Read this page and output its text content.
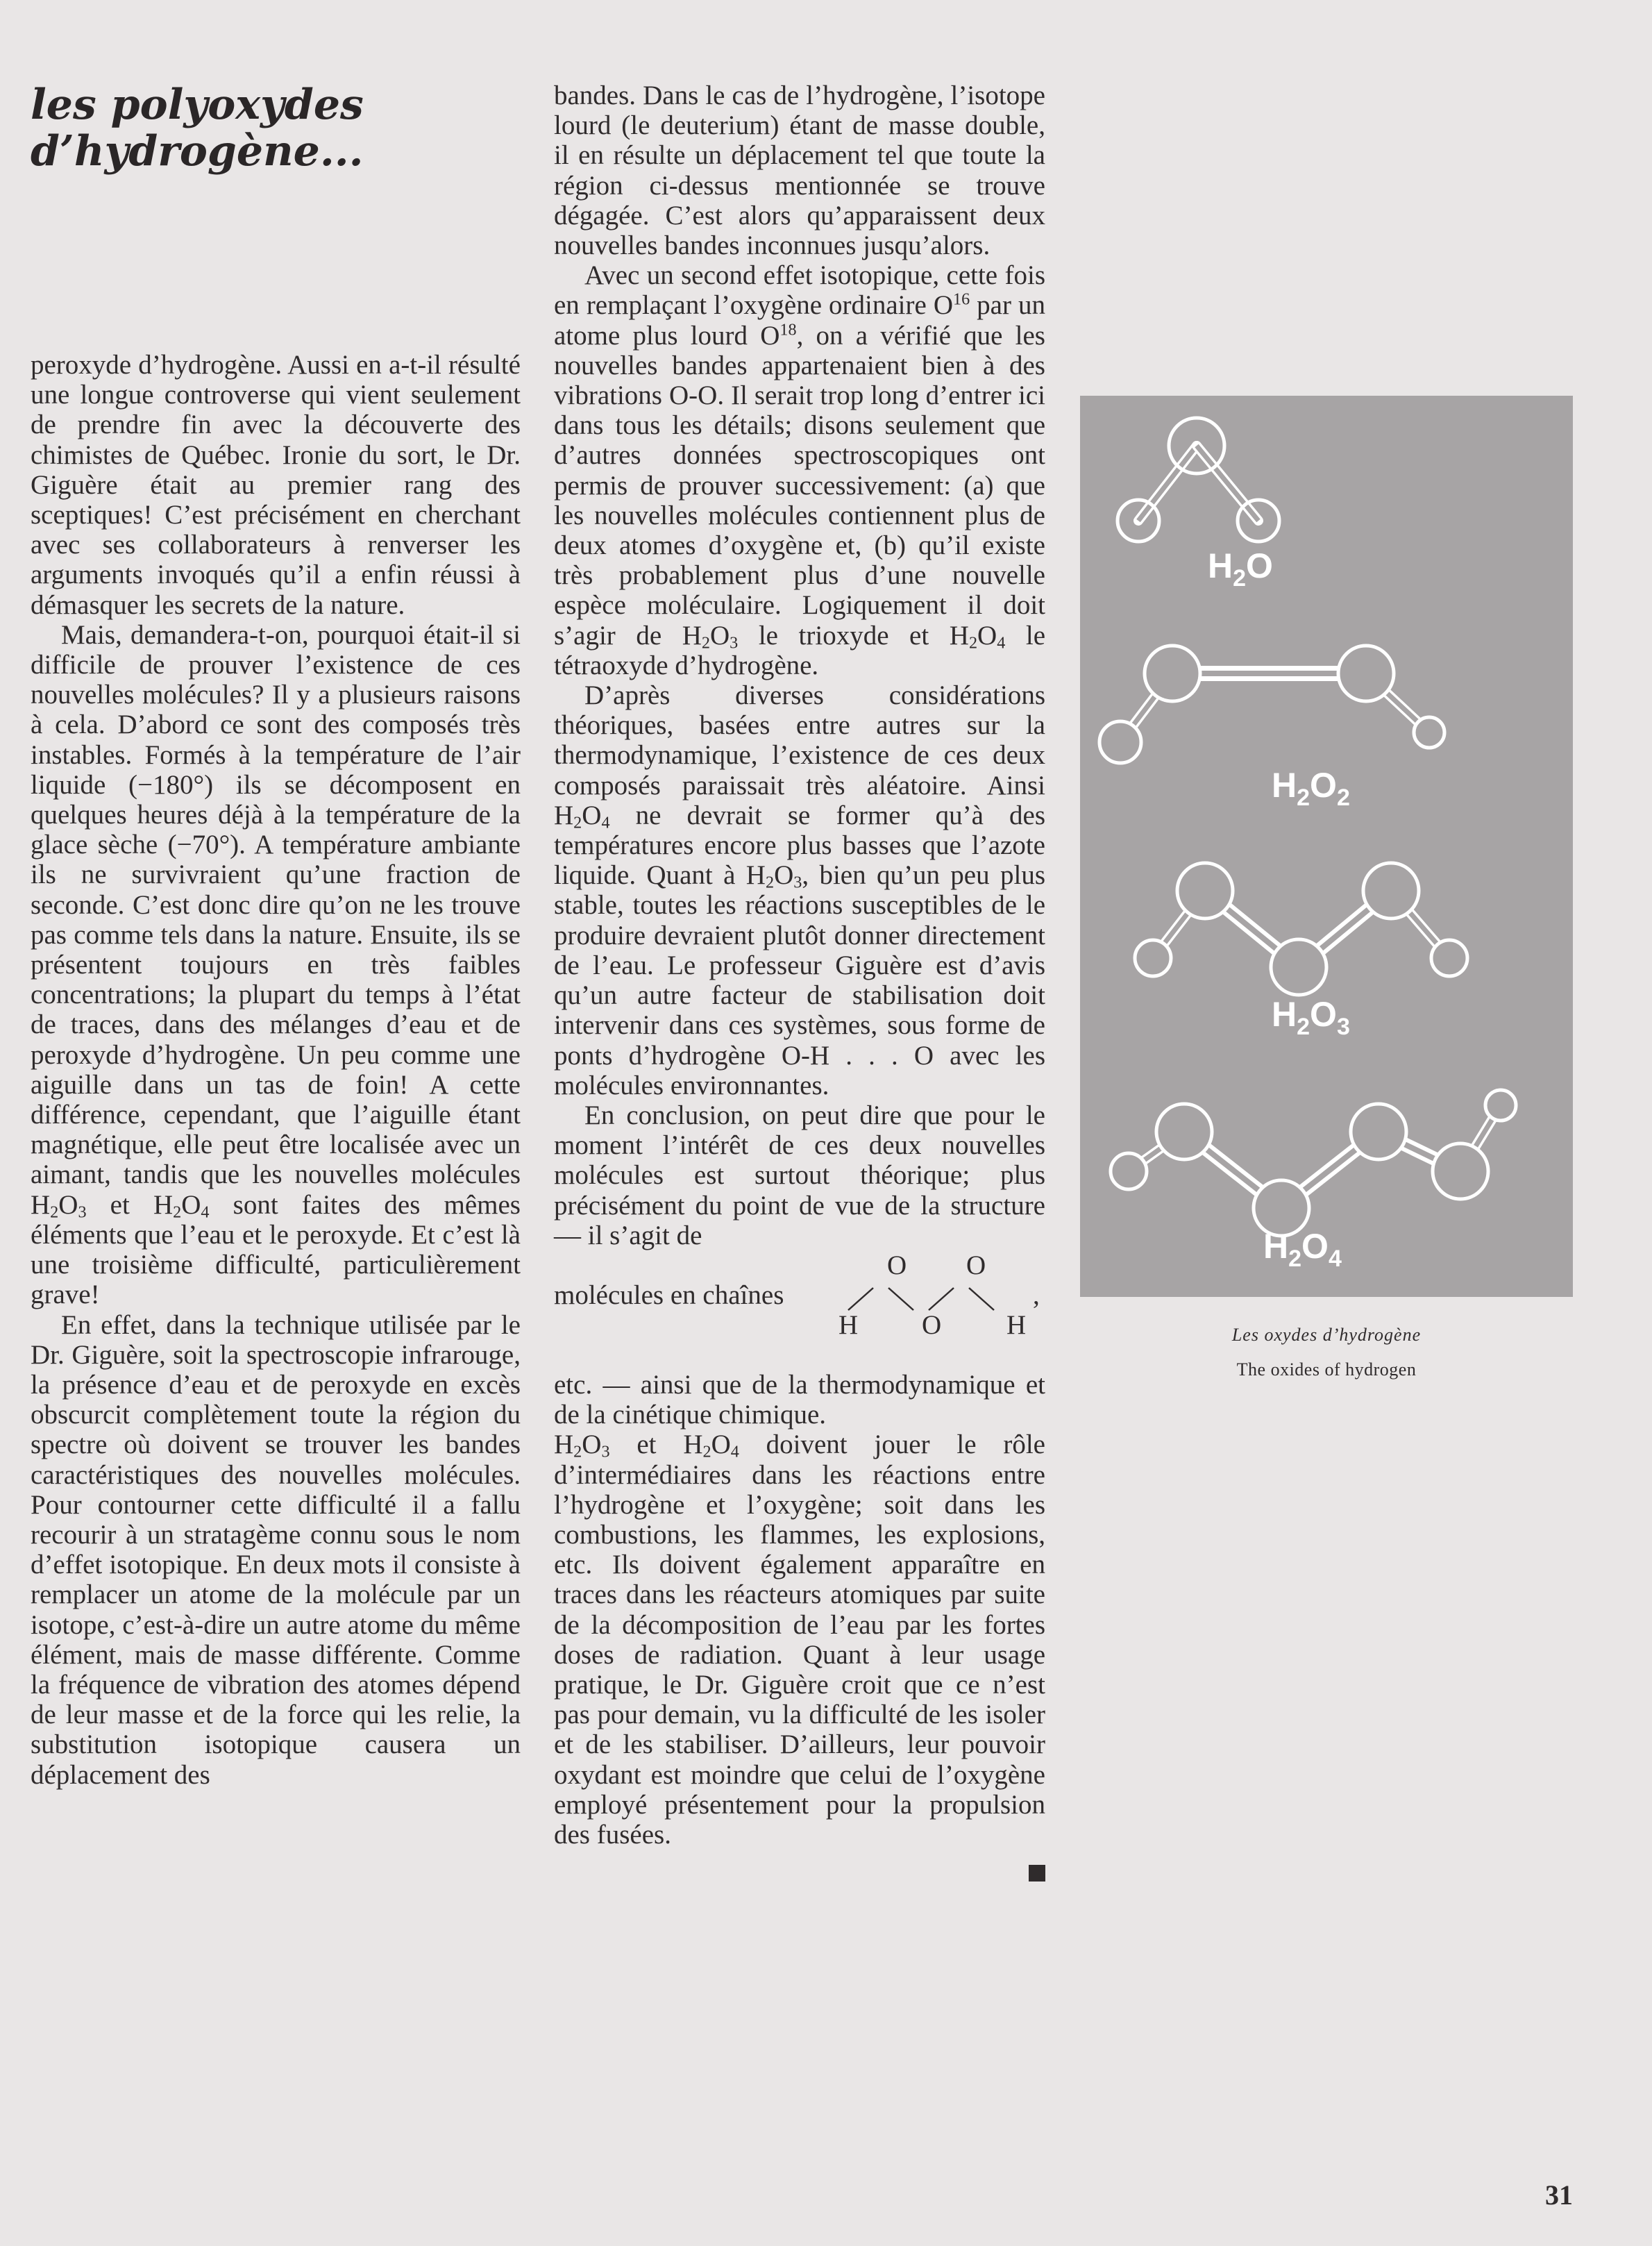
les polyoxydes d’hydrogène...

peroxyde d’hydrogène. Aussi en a-t-il résulté une longue controverse qui vient seulement de prendre fin avec la découverte des chimistes de Québec. Ironie du sort, le Dr. Giguère était au premier rang des sceptiques! C’est précisément en cherchant avec ses collaborateurs à renverser les arguments invoqués qu’il a enfin réussi à démasquer les secrets de la nature.

Mais, demandera-t-on, pourquoi était-il si difficile de prouver l’existence de ces nouvelles molécules? Il y a plusieurs raisons à cela. D’abord ce sont des composés très instables. Formés à la température de l’air liquide (−180°) ils se décomposent en quelques heures déjà à la température de la glace sèche (−70°). A température ambiante ils ne survivraient qu’une fraction de seconde. C’est donc dire qu’on ne les trouve pas comme tels dans la nature. Ensuite, ils se présentent toujours en très faibles concentrations; la plupart du temps à l’état de traces, dans des mélanges d’eau et de peroxyde d’hydrogène. Un peu comme une aiguille dans un tas de foin! A cette différence, cependant, que l’aiguille étant magnétique, elle peut être localisée avec un aimant, tandis que les nouvelles molécules $H_2O_3$ et $H_2O_4$ sont faites des mêmes éléments que l’eau et le peroxyde. Et c’est là une troisième difficulté, particulièrement grave!

En effet, dans la technique utilisée par le Dr. Giguère, soit la spectroscopie infrarouge, la présence d’eau et de peroxyde en excès obscurcit complètement toute la région du spectre où doivent se trouver les bandes caractéristiques des nouvelles molécules. Pour contourner cette difficulté il a fallu recourir à un stratagème connu sous le nom d’effet isotopique. En deux mots il consiste à remplacer un atome de la molécule par un isotope, c’est-à-dire un autre atome du même élément, mais de masse différente. Comme la fréquence de vibration des atomes dépend de leur masse et de la force qui les relie, la substitution isotopique causera un déplacement des

bandes. Dans le cas de l’hydrogène, l’isotope lourd (le deuterium) étant de masse double, il en résulte un déplacement tel que toute la région ci-dessus mentionnée se trouve dégagée. C’est alors qu’apparaissent deux nouvelles bandes inconnues jusqu’alors.

Avec un second effet isotopique, cette fois en remplaçant l’oxygène ordinaire $O^{16}$ par un atome plus lourd $O^{18}$, on a vérifié que les nouvelles bandes appartenaient bien à des vibrations O-O. Il serait trop long d’entrer ici dans tous les détails; disons seulement que d’autres données spectroscopiques ont permis de prouver successivement: (a) que les nouvelles molécules contiennent plus de deux atomes d’oxygène et, (b) qu’il existe très probablement plus d’une nouvelle espèce moléculaire. Logiquement il doit s’agir de $H_2O_3$ le trioxyde et $H_2O_4$ le tétraoxyde d’hydrogène.

D’après diverses considérations théoriques, basées entre autres sur la thermodynamique, l’existence de ces deux composés paraissait très aléatoire. Ainsi $H_2O_4$ ne devrait se former qu’à des températures encore plus basses que l’azote liquide. Quant à $H_2O_3$, bien qu’un peu plus stable, toutes les réactions susceptibles de le produire devraient plutôt donner directement de l’eau. Le professeur Giguère est d’avis qu’un autre facteur de stabilisation doit intervenir dans ces systèmes, sous forme de ponts d’hydrogène O-H . . . O avec les molécules environnantes.

En conclusion, on peut dire que pour le moment l’intérêt de ces deux nouvelles molécules est surtout théorique; plus précisément du point de vue de la structure — il s’agit de

O O
molécules en chaînes	,
H O H

etc. — ainsi que de la thermodynamique et de la cinétique chimique.

$H_2O_3$ et $H_2O_4$ doivent jouer le rôle d’intermédiaires dans les réactions entre l’hydrogène et l’oxygène; soit dans les combustions, les flammes, les explosions, etc. Ils doivent également apparaître en traces dans les réacteurs atomiques par suite de la décomposition de l’eau par les fortes doses de radiation. Quant à leur usage pratique, le Dr. Giguère croit que ce n’est pas pour demain, vu la difficulté de les isoler et de les stabiliser. D’ailleurs, leur pouvoir oxydant est moindre que celui de l’oxygène employé présentement pour la propulsion des fusées.

$H_2O$
$H_2O_2$
$H_2O_3$
$H_2O_4$
Les oxydes d’hydrogène
The oxides of hydrogen
31
